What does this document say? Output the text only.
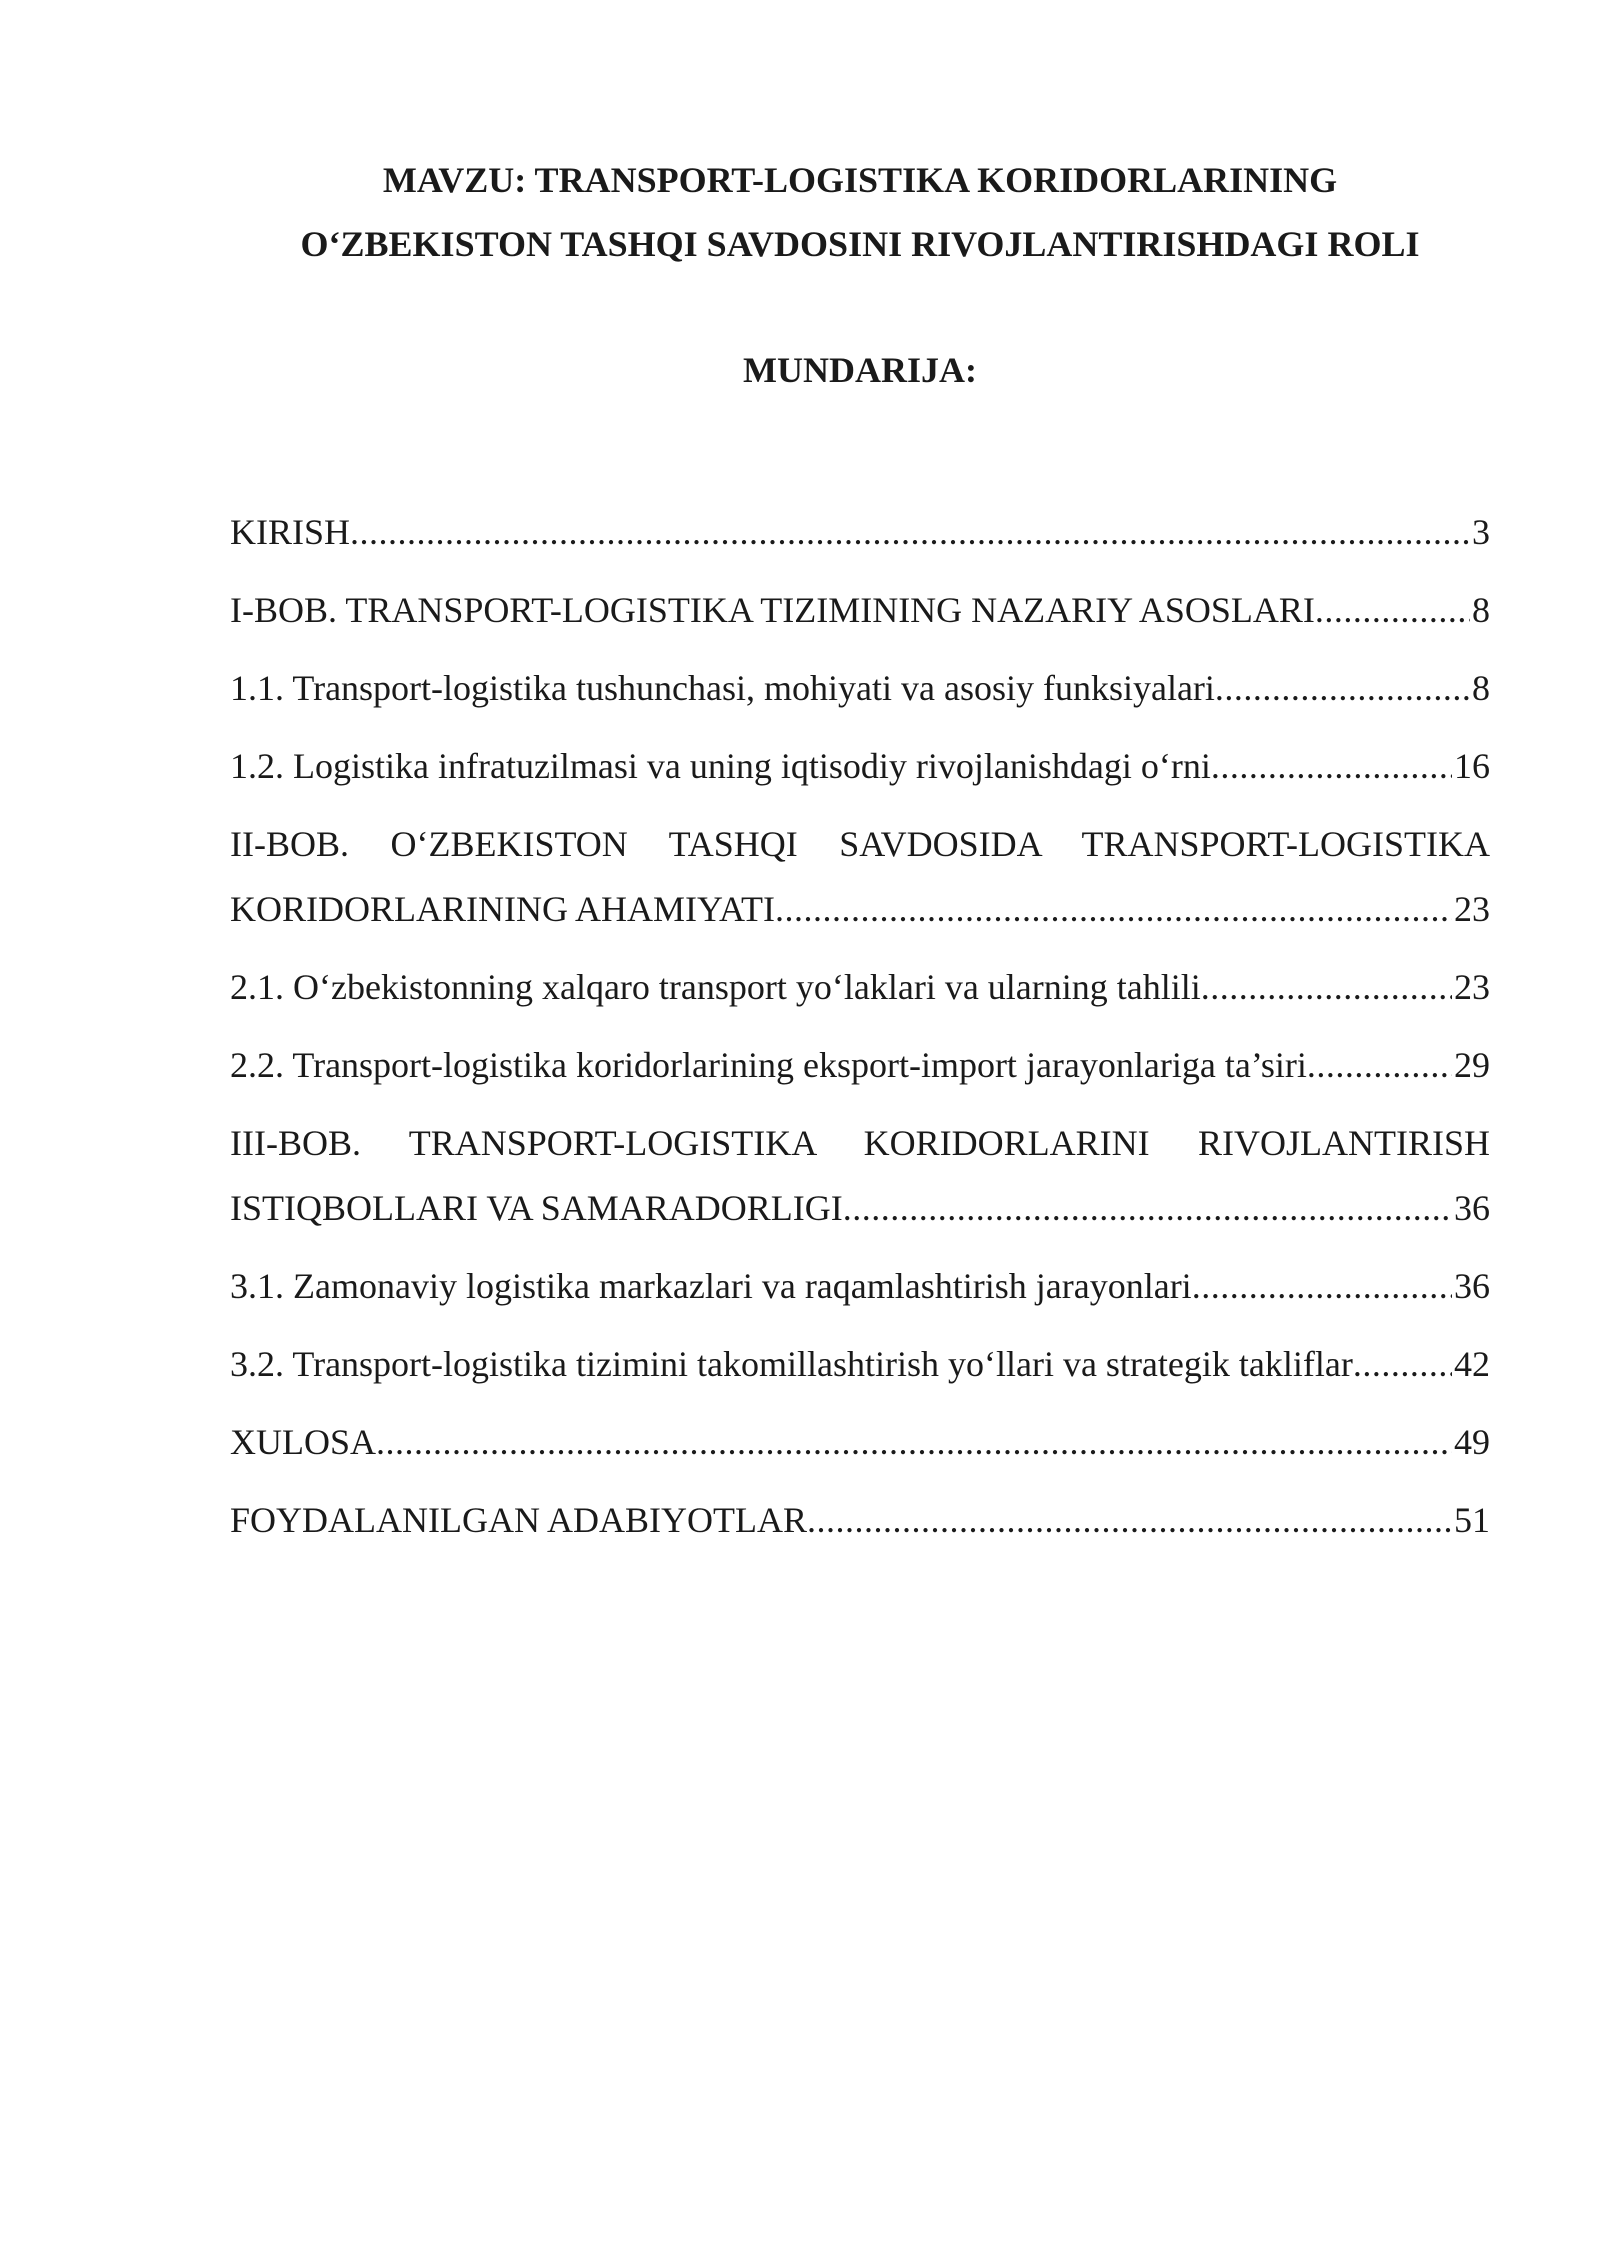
MAVZU: TRANSPORT-LOGISTIKA KORIDORLARINING
O‘ZBEKISTON TASHQI SAVDOSINI RIVOJLANTIRISHDAGI ROLI
MUNDARIJA:
KIRISH .....	3
I-BOB. TRANSPORT-LOGISTIKA TIZIMINING NAZARIY ASOSLARI .....	8
1.1. Transport-logistika tushunchasi, mohiyati va asosiy funksiyalari .....	8
1.2. Logistika infratuzilmasi va uning iqtisodiy rivojlanishdagi o‘rni .....	16
II-BOB. O‘ZBEKISTON TASHQI SAVDOSIDA TRANSPORT-LOGISTIKA
KORIDORLARINING AHAMIYATI .....	23
2.1. O‘zbekistonning xalqaro transport yo‘laklari va ularning tahlili .....	23
2.2. Transport-logistika koridorlarining eksport-import jarayonlariga ta’siri .....	29
III-BOB. TRANSPORT-LOGISTIKA KORIDORLARINI RIVOJLANTIRISH
ISTIQBOLLARI VA SAMARADORLIGI .....	36
3.1. Zamonaviy logistika markazlari va raqamlashtirish jarayonlari .....	36
3.2. Transport-logistika tizimini takomillashtirish yo‘llari va strategik takliflar .....	42
XULOSA .....	49
FOYDALANILGAN ADABIYOTLAR .....	51
